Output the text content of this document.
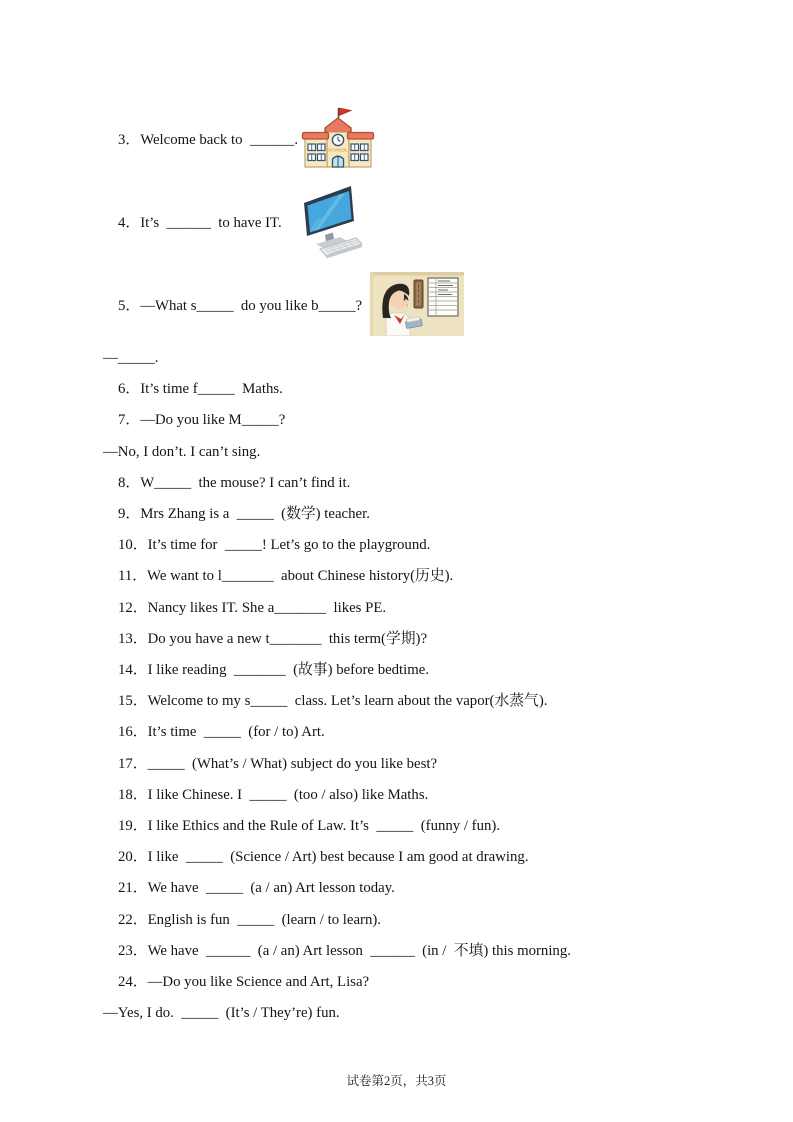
3．Welcome back to  ______.
SCHOOL
4．It’s  ______  to have IT.
5．—What s_____  do you like b_____?
—_____.
6．It’s time f_____  Maths.
7．—Do you like M_____?
—No, I don’t. I can’t sing.
8．W_____  the mouse? I can’t find it.
9．Mrs Zhang is a  _____  (数学) teacher.
10．It’s time for  _____! Let’s go to the playground.
11．We want to l_______  about Chinese history(历史).
12．Nancy likes IT. She a_______  likes PE.
13．Do you have a new t_______  this term(学期)?
14．I like reading  _______  (故事) before bedtime.
15．Welcome to my s_____  class. Let’s learn about the vapor(水蒸气).
16．It’s time  _____  (for / to) Art.
17．_____  (What’s / What) subject do you like best?
18．I like Chinese. I  _____  (too / also) like Maths.
19．I like Ethics and the Rule of Law. It’s  _____  (funny / fun).
20．I like  _____  (Science / Art) best because I am good at drawing.
21．We have  _____  (a / an) Art lesson today.
22．English is fun  _____  (learn / to learn).
23．We have  ______  (a / an) Art lesson  ______  (in /  不填) this morning.
24．—Do you like Science and Art, Lisa?
—Yes, I do.  _____  (It’s / They’re) fun.
试卷第2页，共3页
